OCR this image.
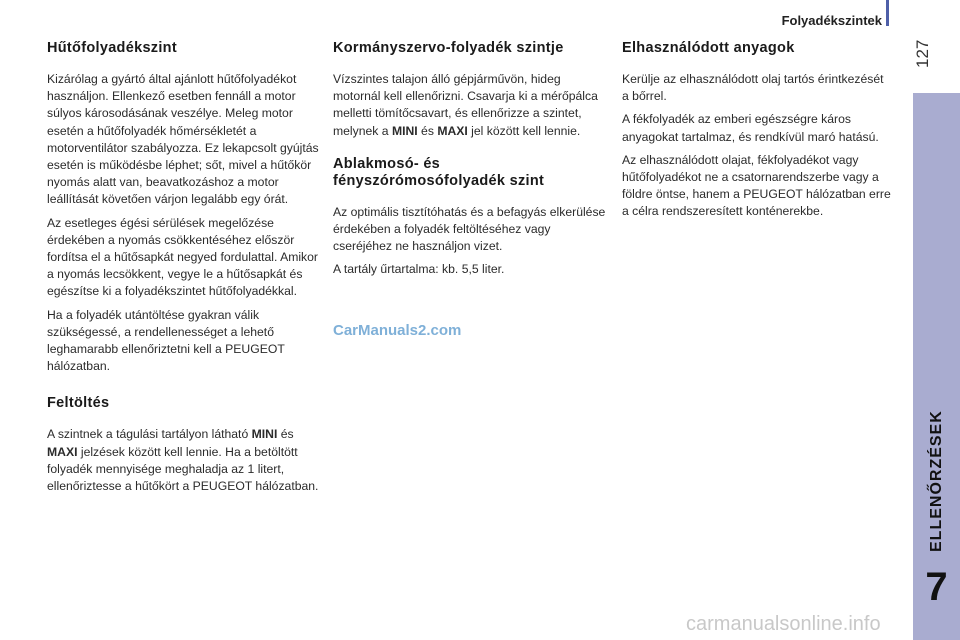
Folyadékszintek
127
ELLENŐRZÉSEK
7
Hűtőfolyadékszint

Kizárólag a gyártó által ajánlott hűtőfolyadékot használjon. Ellenkező esetben fennáll a motor súlyos károsodásának veszélye. Meleg motor esetén a hűtőfolyadék hőmérsékletét a motorventilátor szabályozza. Ez lekapcsolt gyújtás esetén is működésbe léphet; sőt, mivel a hűtőkör nyomás alatt van, beavatkozáshoz a motor leállítását követően várjon legalább egy órát.

Az esetleges égési sérülések megelőzése érdekében a nyomás csökkentéséhez először fordítsa el a hűtősapkát negyed fordulattal. Amikor a nyomás lecsökkent, vegye le a hűtősapkát és egészítse ki a folyadékszintet hűtőfolyadékkal.

Ha a folyadék utántöltése gyakran válik szükségessé, a rendellenességet a lehető leghamarabb ellenőriztetni kell a PEUGEOT hálózatban.

Feltöltés

A szintnek a tágulási tartályon látható MINI és MAXI jelzések között kell lennie. Ha a betöltött folyadék mennyisége meghaladja az 1 litert, ellenőriztesse a hűtőkört a PEUGEOT hálózatban.

Kormányszervo-folyadék szintje

Vízszintes talajon álló gépjárművön, hideg motornál kell ellenőrizni. Csavarja ki a mérőpálca melletti tömítőcsavart, és ellenőrizze a szintet, melynek a MINI és MAXI jel között kell lennie.

Ablakmosó- és fényszórómosófolyadék szint

Az optimális tisztítóhatás és a befagyás elkerülése érdekében a folyadék feltöltéséhez vagy cseréjéhez ne használjon vizet.

A tartály űrtartalma: kb. 5,5 liter.

CarManuals2.com
Elhasználódott anyagok

Kerülje az elhasználódott olaj tartós érintkezését a bőrrel.

A fékfolyadék az emberi egészségre káros anyagokat tartalmaz, és rendkívül maró hatású.

Az elhasználódott olajat, fékfolyadékot vagy hűtőfolyadékot ne a csatornarendszerbe vagy a földre öntse, hanem a PEUGEOT hálózatban erre a célra rendszeresített konténerekbe.

carmanualsonline.info
